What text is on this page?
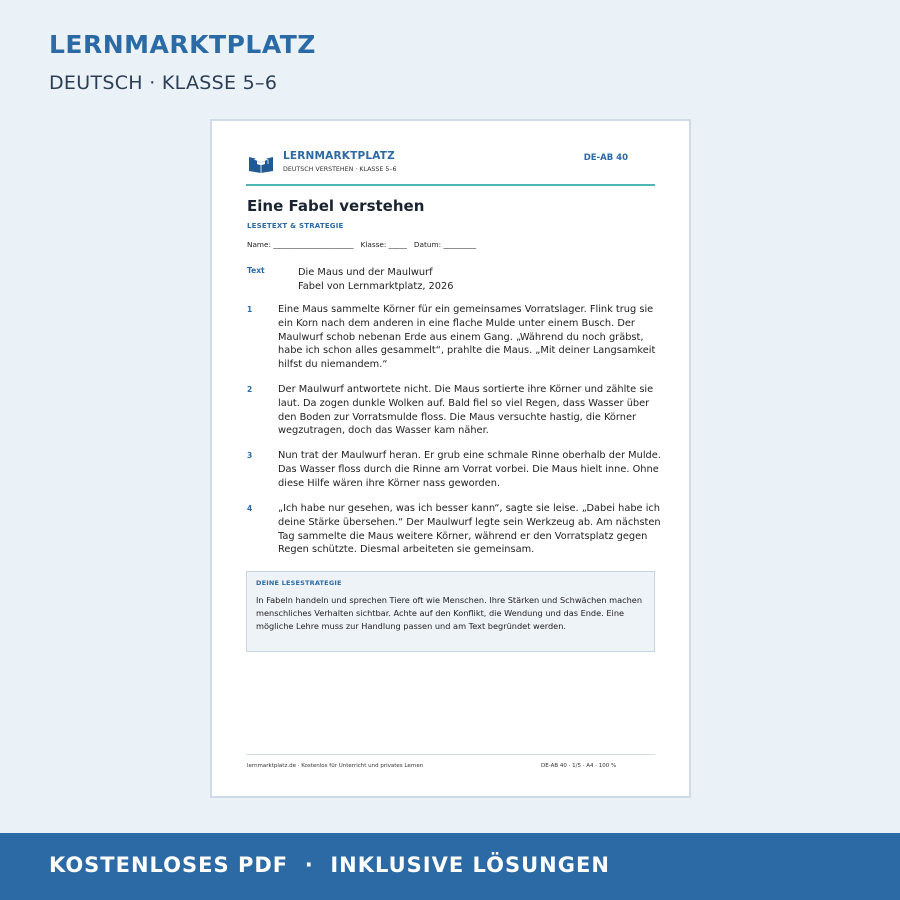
LERNMARKTPLATZ
DEUTSCH · KLASSE 5–6
LERNMARKTPLATZ
DEUTSCH VERSTEHEN · KLASSE 5–6
DE-AB 40
Eine Fabel verstehen
LESETEXT & STRATEGIE
Name: ______________________   Klasse: _____   Datum: _________
Text	Die Maus und der Maulwurf
Fabel von Lernmarktplatz, 2026
1	Eine Maus sammelte Körner für ein gemeinsames Vorratslager. Flink trug sie ein Korn nach dem anderen in eine flache Mulde unter einem Busch. Der Maulwurf schob nebenan Erde aus einem Gang. „Während du noch gräbst, habe ich schon alles gesammelt“, prahlte die Maus. „Mit deiner Langsamkeit hilfst du niemandem.“
2	Der Maulwurf antwortete nicht. Die Maus sortierte ihre Körner und zählte sie laut. Da zogen dunkle Wolken auf. Bald fiel so viel Regen, dass Wasser über den Boden zur Vorratsmulde floss. Die Maus versuchte hastig, die Körner wegzutragen, doch das Wasser kam näher.
3	Nun trat der Maulwurf heran. Er grub eine schmale Rinne oberhalb der Mulde. Das Wasser floss durch die Rinne am Vorrat vorbei. Die Maus hielt inne. Ohne diese Hilfe wären ihre Körner nass geworden.
4	„Ich habe nur gesehen, was ich besser kann“, sagte sie leise. „Dabei habe ich deine Stärke übersehen.“ Der Maulwurf legte sein Werkzeug ab. Am nächsten Tag sammelte die Maus weitere Körner, während er den Vorratsplatz gegen Regen schützte. Diesmal arbeiteten sie gemeinsam.
DEINE LESESTRATEGIE
In Fabeln handeln und sprechen Tiere oft wie Menschen. Ihre Stärken und Schwächen machen menschliches Verhalten sichtbar. Achte auf den Konflikt, die Wendung und das Ende. Eine mögliche Lehre muss zur Handlung passen und am Text begründet werden.
lernmarktplatz.de · Kostenlos für Unterricht und privates Lernen	DE-AB 40 · 1/5 · A4 · 100 %
KOSTENLOSES PDF  ·  INKLUSIVE LÖSUNGEN
